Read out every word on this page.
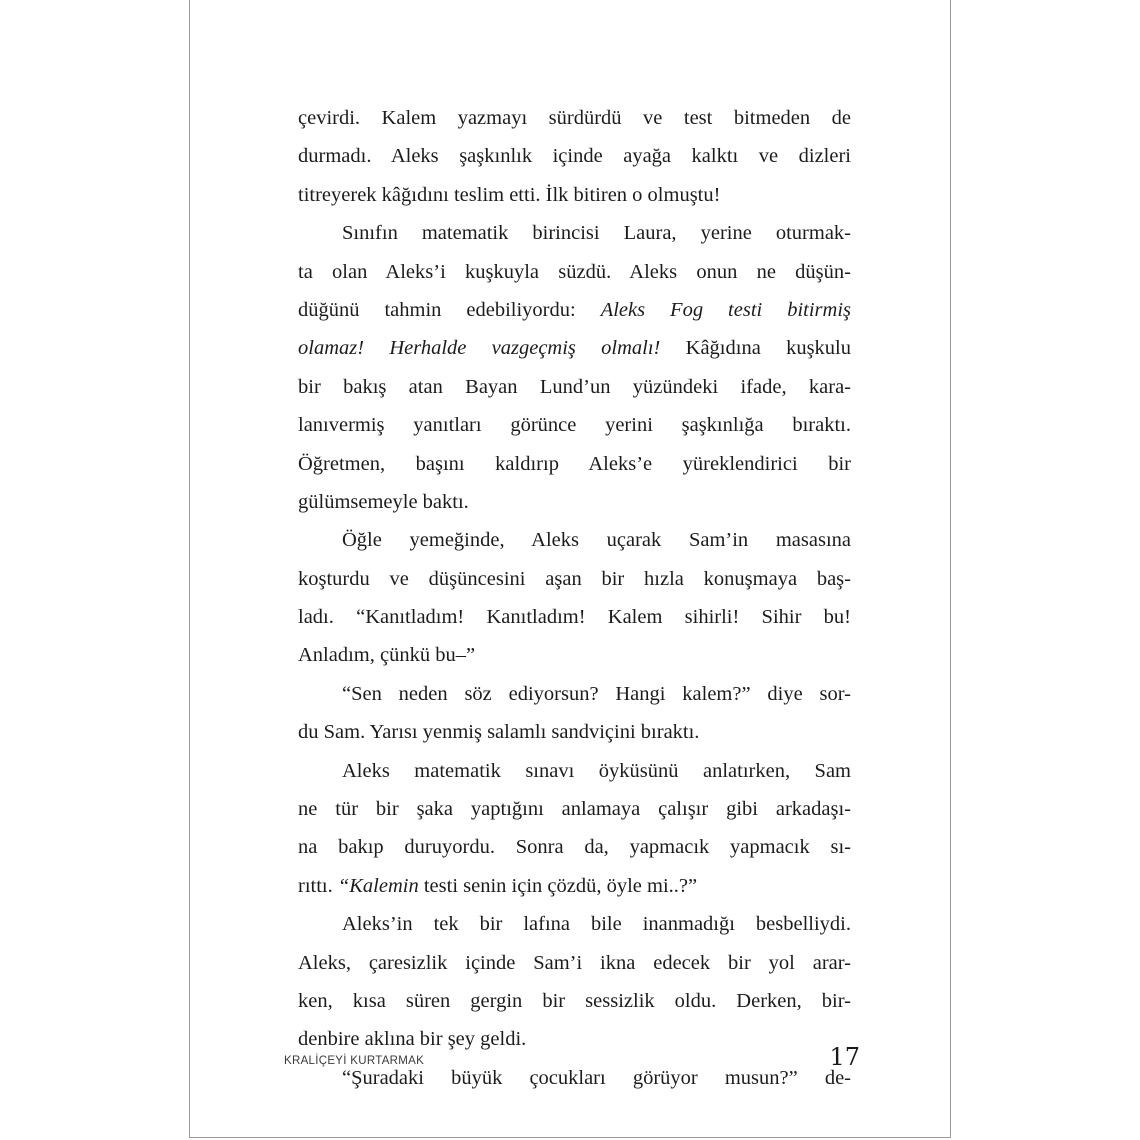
çevirdi. Kalem yazmayı sürdürdü ve test bitmeden de
durmadı. Aleks şaşkınlık içinde ayağa kalktı ve dizleri
titreyerek kâğıdını teslim etti. İlk bitiren o olmuştu!
Sınıfın matematik birincisi Laura, yerine oturmak-
ta olan Aleks’i kuşkuyla süzdü. Aleks onun ne düşün-
düğünü tahmin edebiliyordu: Aleks Fog testi bitirmiş
olamaz! Herhalde vazgeçmiş olmalı! Kâğıdına kuşkulu
bir bakış atan Bayan Lund’un yüzündeki ifade, kara-
lanıvermiş yanıtları görünce yerini şaşkınlığa bıraktı.
Öğretmen, başını kaldırıp Aleks’e yüreklendirici bir
gülümsemeyle baktı.
Öğle yemeğinde, Aleks uçarak Sam’in masasına
koşturdu ve düşüncesini aşan bir hızla konuşmaya baş-
ladı. “Kanıtladım! Kanıtladım! Kalem sihirli! Sihir bu!
Anladım, çünkü bu–”
“Sen neden söz ediyorsun? Hangi kalem?” diye sor-
du Sam. Yarısı yenmiş salamlı sandviçini bıraktı.
Aleks matematik sınavı öyküsünü anlatırken, Sam
ne tür bir şaka yaptığını anlamaya çalışır gibi arkadaşı-
na bakıp duruyordu. Sonra da, yapmacık yapmacık sı-
rıttı. “Kalemin testi senin için çözdü, öyle mi..?”
Aleks’in tek bir lafına bile inanmadığı besbelliydi.
Aleks, çaresizlik içinde Sam’i ikna edecek bir yol arar-
ken, kısa süren gergin bir sessizlik oldu. Derken, bir-
denbire aklına bir şey geldi.
“Şuradaki büyük çocukları görüyor musun?” de-
KRALİÇEYİ KURTARMAK	17
